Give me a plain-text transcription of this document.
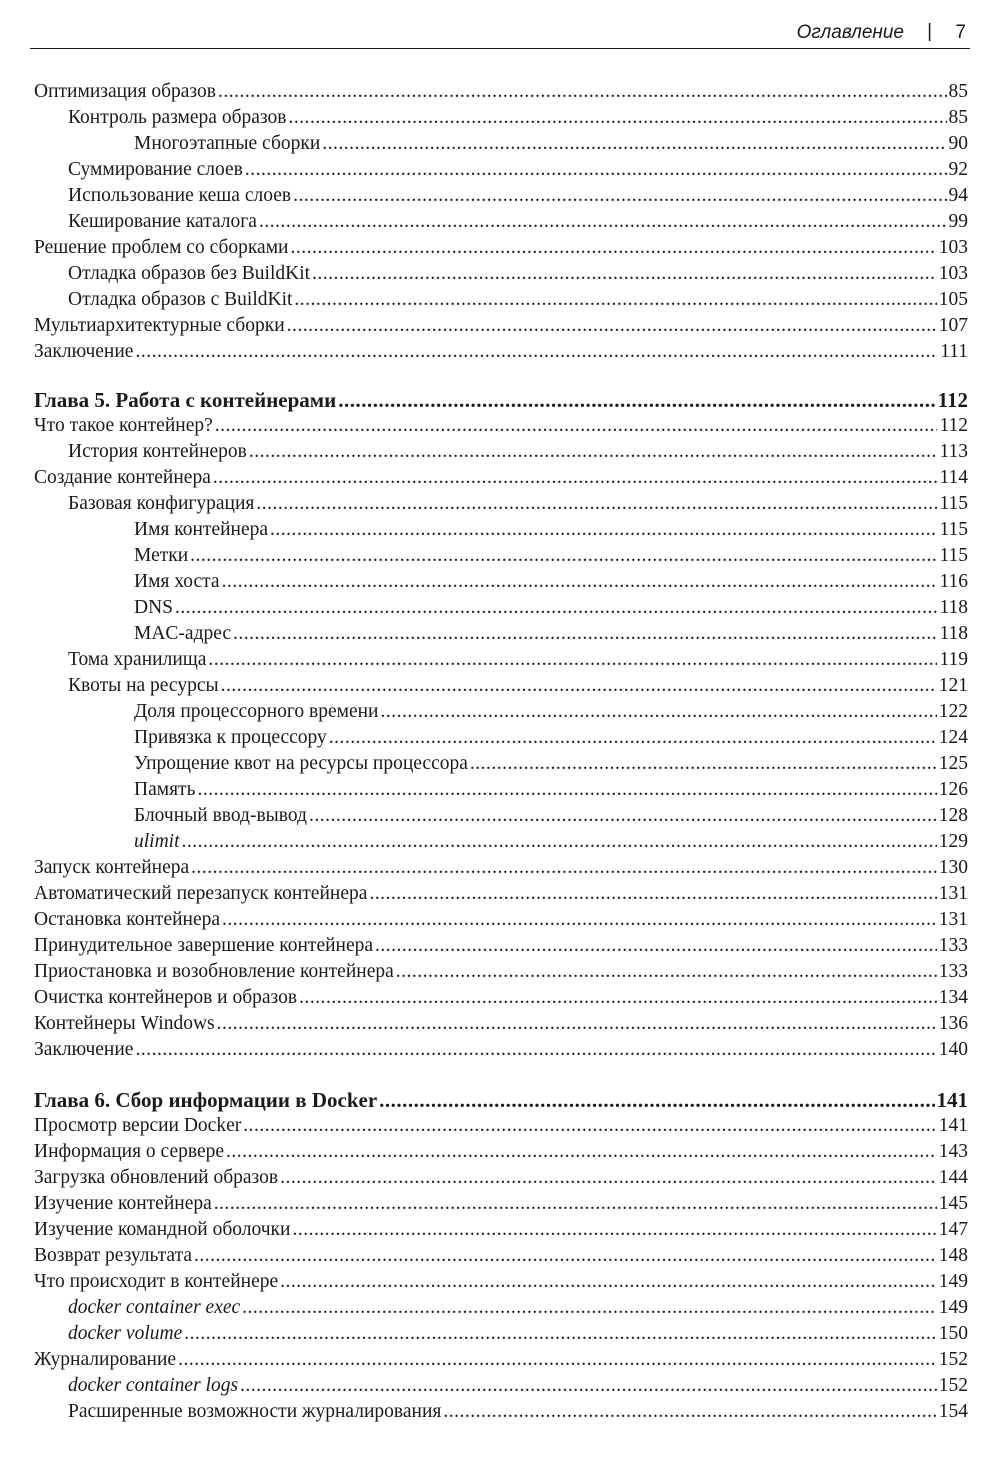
Оглавление | 7
Оптимизация образов .....	85
Контроль размера образов .....	85
Многоэтапные сборки .....	90
Суммирование слоев .....	92
Использование кеша слоев .....	94
Кеширование каталога .....	99
Решение проблем со сборками .....	103
Отладка образов без BuildKit .....	103
Отладка образов с BuildKit .....	105
Мультиархитектурные сборки .....	107
Заключение .....	111
Глава 5. Работа с контейнерами .....	112
Что такое контейнер? .....	112
История контейнеров .....	113
Создание контейнера .....	114
Базовая конфигурация .....	115
Имя контейнера .....	115
Метки .....	115
Имя хоста .....	116
DNS .....	118
MAC-адрес .....	118
Тома хранилища .....	119
Квоты на ресурсы .....	121
Доля процессорного времени .....	122
Привязка к процессору .....	124
Упрощение квот на ресурсы процессора .....	125
Память .....	126
Блочный ввод-вывод .....	128
ulimit .....	129
Запуск контейнера .....	130
Автоматический перезапуск контейнера .....	131
Остановка контейнера .....	131
Принудительное завершение контейнера .....	133
Приостановка и возобновление контейнера .....	133
Очистка контейнеров и образов .....	134
Контейнеры Windows .....	136
Заключение .....	140
Глава 6. Сбор информации в Docker .....	141
Просмотр версии Docker .....	141
Информация о сервере .....	143
Загрузка обновлений образов .....	144
Изучение контейнера .....	145
Изучение командной оболочки .....	147
Возврат результата .....	148
Что происходит в контейнере .....	149
docker container exec .....	149
docker volume .....	150
Журналирование .....	152
docker container logs .....	152
Расширенные возможности журналирования .....	154
